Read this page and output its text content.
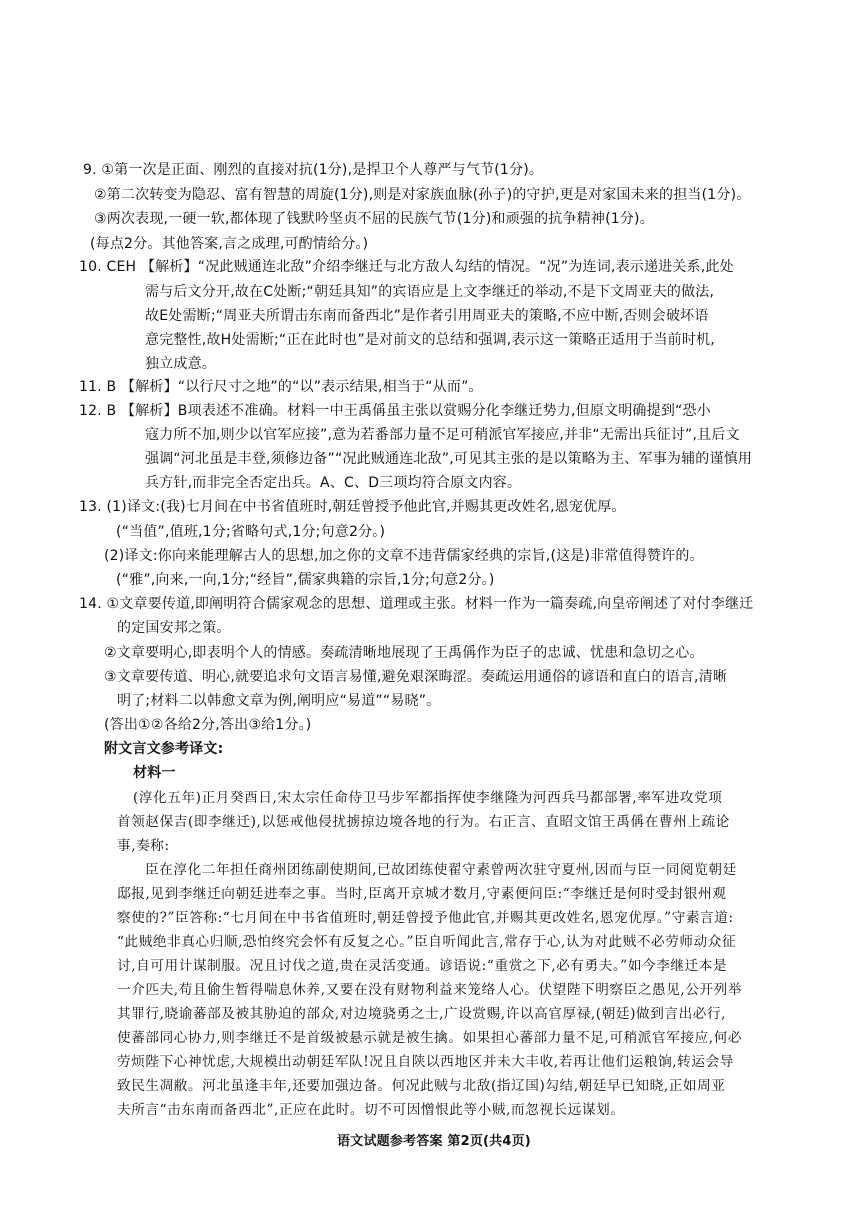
9. ①第一次是正面、刚烈的直接对抗(1分),是捍卫个人尊严与气节(1分)。
②第二次转变为隐忍、富有智慧的周旋(1分),则是对家族血脉(孙子)的守护,更是对家国未来的担当(1分)。
③两次表现,一硬一软,都体现了钱默吟坚贞不屈的民族气节(1分)和顽强的抗争精神(1分)。
(每点2分。其他答案,言之成理,可酌情给分。)
10. CEH 【解析】“况此贼通连北敌”介绍李继迁与北方敌人勾结的情况。“况”为连词,表示递进关系,此处
需与后文分开,故在C处断;“朝廷具知”的宾语应是上文李继迁的举动,不是下文周亚夫的做法,
故E处需断;“周亚夫所谓击东南而备西北”是作者引用周亚夫的策略,不应中断,否则会破坏语
意完整性,故H处需断;“正在此时也”是对前文的总结和强调,表示这一策略正适用于当前时机,
独立成意。
11. B 【解析】“以行尺寸之地”的“以”表示结果,相当于“从而”。
12. B 【解析】B项表述不准确。材料一中王禹偁虽主张以赏赐分化李继迁势力,但原文明确提到“恐小
寇力所不加,则少以官军应接”,意为若番部力量不足可稍派官军接应,并非“无需出兵征讨”,且后文
强调“河北虽是丰登,须修边备”“况此贼通连北敌”,可见其主张的是以策略为主、军事为辅的谨慎用
兵方针,而非完全否定出兵。A、C、D三项均符合原文内容。
13. (1)译文:(我)七月间在中书省值班时,朝廷曾授予他此官,并赐其更改姓名,恩宠优厚。
(“当值”,值班,1分;省略句式,1分;句意2分。)
(2)译文:你向来能理解古人的思想,加之你的文章不违背儒家经典的宗旨,(这是)非常值得赞许的。
(“雅”,向来,一向,1分;“经旨”,儒家典籍的宗旨,1分;句意2分。)
14. ①文章要传道,即阐明符合儒家观念的思想、道理或主张。材料一作为一篇奏疏,向皇帝阐述了对付李继迁
的定国安邦之策。
②文章要明心,即表明个人的情感。奏疏清晰地展现了王禹偁作为臣子的忠诚、忧患和急切之心。
③文章要传道、明心,就要追求句文语言易懂,避免艰深晦涩。奏疏运用通俗的谚语和直白的语言,清晰
明了;材料二以韩愈文章为例,阐明应“易道”“易晓”。
(答出①②各给2分,答出③给1分。)
附文言文参考译文:
材料一
(淳化五年)正月癸酉日,宋太宗任命侍卫马步军都指挥使李继隆为河西兵马都部署,率军进攻党项
首领赵保吉(即李继迁),以惩戒他侵扰掳掠边境各地的行为。右正言、直昭文馆王禹偁在曹州上疏论
事,奏称:
臣在淳化二年担任商州团练副使期间,已故团练使翟守素曾两次驻守夏州,因而与臣一同阅览朝廷
邸报,见到李继迁向朝廷进奉之事。当时,臣离开京城才数月,守素便问臣:“李继迁是何时受封银州观
察使的?”臣答称:“七月间在中书省值班时,朝廷曾授予他此官,并赐其更改姓名,恩宠优厚。”守素言道:
“此贼绝非真心归顺,恐怕终究会怀有反复之心。”臣自听闻此言,常存于心,认为对此贼不必劳师动众征
讨,自可用计谋制服。况且讨伐之道,贵在灵活变通。谚语说:“重赏之下,必有勇夫。”如今李继迁本是
一介匹夫,苟且偷生暂得喘息休养,又要在没有财物利益来笼络人心。伏望陛下明察臣之愚见,公开列举
其罪行,晓谕蕃部及被其胁迫的部众,对边境骁勇之士,广设赏赐,许以高官厚禄,(朝廷)做到言出必行,
使蕃部同心协力,则李继迁不是首级被悬示就是被生擒。如果担心蕃部力量不足,可稍派官军接应,何必
劳烦陛下心神忧虑,大规模出动朝廷军队!况且自陕以西地区并未大丰收,若再让他们运粮饷,转运会导
致民生凋敝。河北虽逢丰年,还要加强边备。何况此贼与北敌(指辽国)勾结,朝廷早已知晓,正如周亚
夫所言“击东南而备西北”,正应在此时。切不可因憎恨此等小贼,而忽视长远谋划。
语文试题参考答案 第2页(共4页)
